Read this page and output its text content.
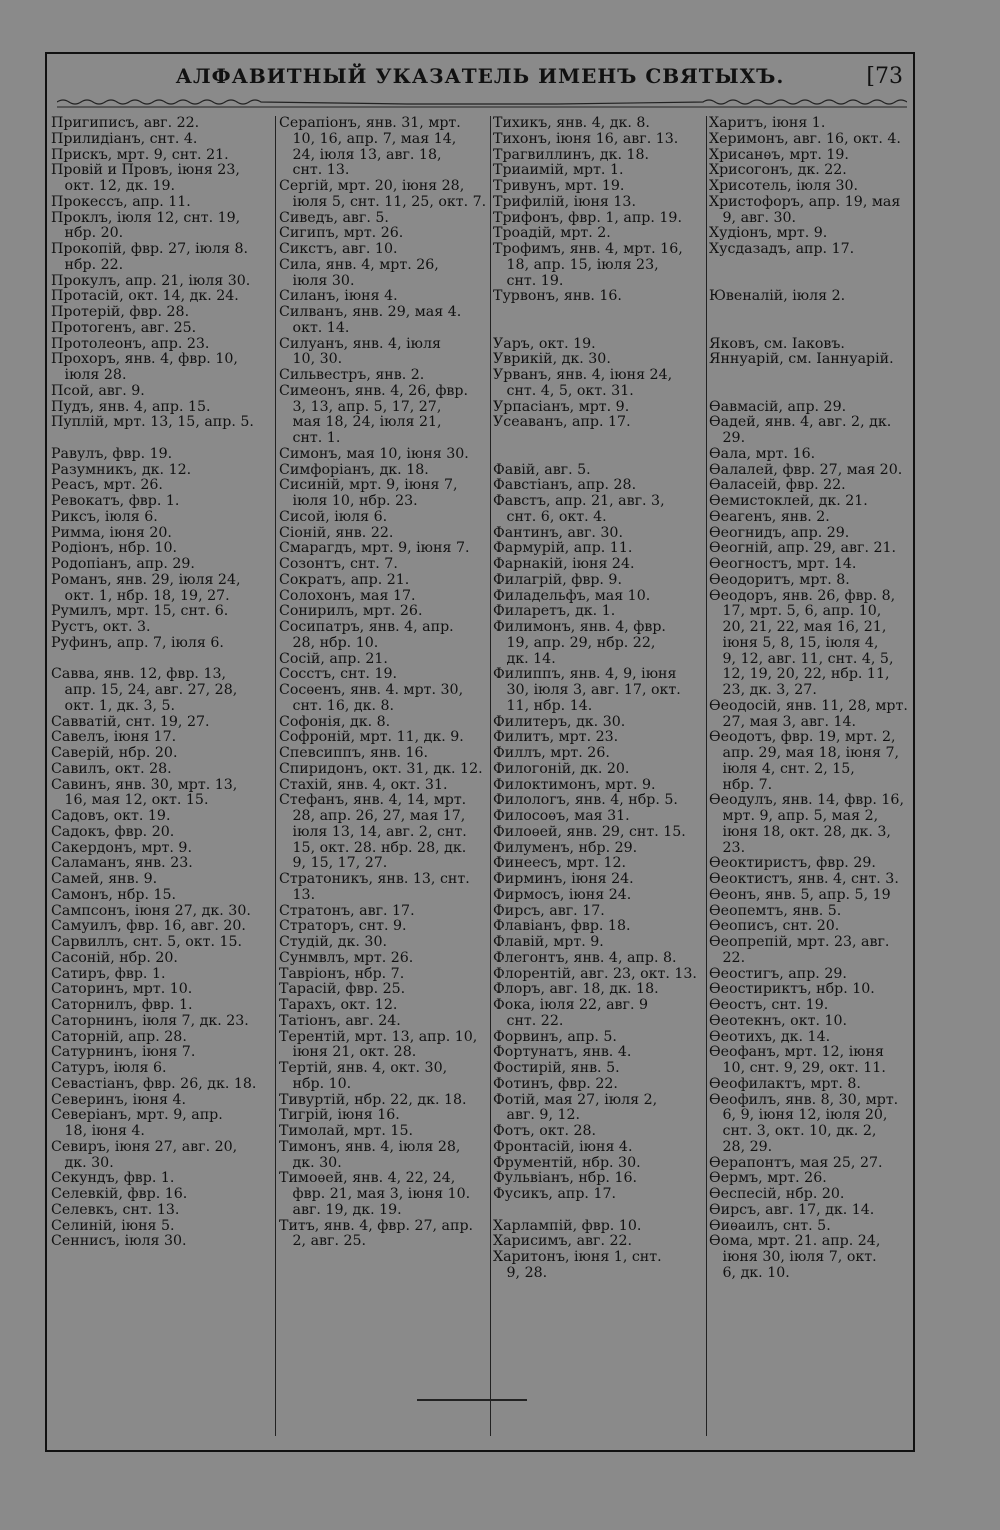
АЛФАВИТНЫЙ УКАЗАТЕЛЬ ИМЕНЪ СВЯТЫХЪ.	[73
Пригиписъ, авг. 22.
Прилидіанъ, снт. 4.
Прискъ, мрт. 9, снт. 21.
Провій и Провъ, іюня 23,
окт. 12, дк. 19.
Прокессъ, апр. 11.
Проклъ, іюля 12, снт. 19,
нбр. 20.
Прокопій, фвр. 27, іюля 8.
нбр. 22.
Прокулъ, апр. 21, іюля 30.
Протасій, окт. 14, дк. 24.
Протерій, фвр. 28.
Протогенъ, авг. 25.
Протолеонъ, апр. 23.
Прохоръ, янв. 4, фвр. 10,
іюля 28.
Псой, авг. 9.
Пудъ, янв. 4, апр. 15.
Пуплій, мрт. 13, 15, апр. 5.

Равулъ, фвр. 19.
Разумникъ, дк. 12.
Реасъ, мрт. 26.
Ревокатъ, фвр. 1.
Риксъ, іюля 6.
Римма, іюня 20.
Родіонъ, нбр. 10.
Родопіанъ, апр. 29.
Романъ, янв. 29, іюля 24,
окт. 1, нбр. 18, 19, 27.
Румилъ, мрт. 15, снт. 6.
Рустъ, окт. 3.
Руфинъ, апр. 7, іюля 6.

Савва, янв. 12, фвр. 13,
апр. 15, 24, авг. 27, 28,
окт. 1, дк. 3, 5.
Савватій, снт. 19, 27.
Савелъ, іюня 17.
Саверій, нбр. 20.
Савилъ, окт. 28.
Савинъ, янв. 30, мрт. 13,
16, мая 12, окт. 15.
Садовъ, окт. 19.
Садокъ, фвр. 20.
Сакердонъ, мрт. 9.
Саламанъ, янв. 23.
Самей, янв. 9.
Самонъ, нбр. 15.
Сампсонъ, іюня 27, дк. 30.
Самуилъ, фвр. 16, авг. 20.
Сарвиллъ, снт. 5, окт. 15.
Сасоній, нбр. 20.
Сатиръ, фвр. 1.
Саторинъ, мрт. 10.
Саторнилъ, фвр. 1.
Саторнинъ, іюля 7, дк. 23.
Саторній, апр. 28.
Сатурнинъ, іюня 7.
Сатуръ, іюля 6.
Севастіанъ, фвр. 26, дк. 18.
Северинъ, іюня 4.
Северіанъ, мрт. 9, апр.
18, іюня 4.
Севиръ, іюня 27, авг. 20,
дк. 30.
Секундъ, фвр. 1.
Селевкій, фвр. 16.
Селевкъ, снт. 13.
Селиній, іюня 5.
Сеннисъ, іюля 30.
Серапіонъ, янв. 31, мрт.
10, 16, апр. 7, мая 14,
24, іюля 13, авг. 18,
снт. 13.
Сергій, мрт. 20, іюня 28,
іюля 5, снт. 11, 25, окт. 7.
Сиведъ, авг. 5.
Сигипъ, мрт. 26.
Сикстъ, авг. 10.
Сила, янв. 4, мрт. 26,
іюля 30.
Силанъ, іюня 4.
Силванъ, янв. 29, мая 4.
окт. 14.
Силуанъ, янв. 4, іюля
10, 30.
Сильвестръ, янв. 2.
Симеонъ, янв. 4, 26, фвр.
3, 13, апр. 5, 17, 27,
мая 18, 24, іюля 21,
снт. 1.
Симонъ, мая 10, іюня 30.
Симфоріанъ, дк. 18.
Сисиній, мрт. 9, іюня 7,
іюля 10, нбр. 23.
Сисой, іюля 6.
Сіоній, янв. 22.
Смарагдъ, мрт. 9, іюня 7.
Созонтъ, снт. 7.
Сократъ, апр. 21.
Солохонъ, мая 17.
Сонирилъ, мрт. 26.
Сосипатръ, янв. 4, апр.
28, нбр. 10.
Сосій, апр. 21.
Сосстъ, снт. 19.
Сосѳенъ, янв. 4. мрт. 30,
снт. 16, дк. 8.
Софонія, дк. 8.
Софроній, мрт. 11, дк. 9.
Спевсиппъ, янв. 16.
Спиридонъ, окт. 31, дк. 12.
Стахій, янв. 4, окт. 31.
Стефанъ, янв. 4, 14, мрт.
28, апр. 26, 27, мая 17,
іюля 13, 14, авг. 2, снт.
15, окт. 28. нбр. 28, дк.
9, 15, 17, 27.
Стратоникъ, янв. 13, снт.
13.
Стратонъ, авг. 17.
Страторъ, снт. 9.
Студій, дк. 30.
Сунмвлъ, мрт. 26.
Тавріонъ, нбр. 7.
Тарасій, фвр. 25.
Тарахъ, окт. 12.
Татіонъ, авг. 24.
Терентій, мрт. 13, апр. 10,
іюня 21, окт. 28.
Тертій, янв. 4, окт. 30,
нбр. 10.
Тивуртій, нбр. 22, дк. 18.
Тигрій, іюня 16.
Тимолай, мрт. 15.
Тимонъ, янв. 4, іюля 28,
дк. 30.
Тимоѳей, янв. 4, 22, 24,
фвр. 21, мая 3, іюня 10.
авг. 19, дк. 19.
Титъ, янв. 4, фвр. 27, апр.
2, авг. 25.
Тихикъ, янв. 4, дк. 8.
Тихонъ, іюня 16, авг. 13.
Трагвиллинъ, дк. 18.
Триаимій, мрт. 1.
Тривунъ, мрт. 19.
Трифилій, іюня 13.
Трифонъ, фвр. 1, апр. 19.
Троадій, мрт. 2.
Трофимъ, янв. 4, мрт. 16,
18, апр. 15, іюля 23,
снт. 19.
Турвонъ, янв. 16.

Уаръ, окт. 19.
Уврикій, дк. 30.
Урванъ, янв. 4, іюня 24,
снт. 4, 5, окт. 31.
Урпасіанъ, мрт. 9.
Усеаванъ, апр. 17.

Фавій, авг. 5.
Фавстіанъ, апр. 28.
Фавстъ, апр. 21, авг. 3,
снт. 6, окт. 4.
Фантинъ, авг. 30.
Фармурій, апр. 11.
Фарнакій, іюня 24.
Филагрій, фвр. 9.
Филадельфъ, мая 10.
Филаретъ, дк. 1.
Филимонъ, янв. 4, фвр.
19, апр. 29, нбр. 22,
дк. 14.
Филиппъ, янв. 4, 9, іюня
30, іюля 3, авг. 17, окт.
11, нбр. 14.
Филитеръ, дк. 30.
Филитъ, мрт. 23.
Филлъ, мрт. 26.
Филогоній, дк. 20.
Филоктимонъ, мрт. 9.
Филологъ, янв. 4, нбр. 5.
Филосоѳъ, мая 31.
Филоѳей, янв. 29, снт. 15.
Филуменъ, нбр. 29.
Финеесъ, мрт. 12.
Фирминъ, іюня 24.
Фирмосъ, іюня 24.
Фирсъ, авг. 17.
Флавіанъ, фвр. 18.
Флавій, мрт. 9.
Флегонтъ, янв. 4, апр. 8.
Флорентій, авг. 23, окт. 13.
Флоръ, авг. 18, дк. 18.
Фока, іюля 22, авг. 9
снт. 22.
Форвинъ, апр. 5.
Фортунатъ, янв. 4.
Фостирій, янв. 5.
Фотинъ, фвр. 22.
Фотій, мая 27, іюля 2,
авг. 9, 12.
Фотъ, окт. 28.
Фронтасій, іюня 4.
Фрументій, нбр. 30.
Фульвіанъ, нбр. 16.
Фусикъ, апр. 17.

Харлампій, фвр. 10.
Харисимъ, авг. 22.
Харитонъ, іюня 1, снт.
9, 28.
Харитъ, іюня 1.
Херимонъ, авг. 16, окт. 4.
Хрисанѳъ, мрт. 19.
Хрисогонъ, дк. 22.
Хрисотель, іюля 30.
Христофоръ, апр. 19, мая
9, авг. 30.
Худіонъ, мрт. 9.
Хусдазадъ, апр. 17.

Ювеналій, іюля 2.

Яковъ, см. Іаковъ.
Яннуарій, см. Іаннуарій.

Ѳавмасій, апр. 29.
Ѳадей, янв. 4, авг. 2, дк.
29.
Ѳала, мрт. 16.
Ѳалалей, фвр. 27, мая 20.
Ѳаласеій, фвр. 22.
Ѳемистоклей, дк. 21.
Ѳеагенъ, янв. 2.
Ѳеогнидъ, апр. 29.
Ѳеогній, апр. 29, авг. 21.
Ѳеогностъ, мрт. 14.
Ѳеодоритъ, мрт. 8.
Ѳеодоръ, янв. 26, фвр. 8,
17, мрт. 5, 6, апр. 10,
20, 21, 22, мая 16, 21,
іюня 5, 8, 15, іюля 4,
9, 12, авг. 11, снт. 4, 5,
12, 19, 20, 22, нбр. 11,
23, дк. 3, 27.
Ѳеодосій, янв. 11, 28, мрт.
27, мая 3, авг. 14.
Ѳеодотъ, фвр. 19, мрт. 2,
апр. 29, мая 18, іюня 7,
іюля 4, снт. 2, 15,
нбр. 7.
Ѳеодулъ, янв. 14, фвр. 16,
мрт. 9, апр. 5, мая 2,
іюня 18, окт. 28, дк. 3,
23.
Ѳеоктиристъ, фвр. 29.
Ѳеоктистъ, янв. 4, снт. 3.
Ѳеонъ, янв. 5, апр. 5, 19
Ѳеопемтъ, янв. 5.
Ѳеописъ, снт. 20.
Ѳеопрепій, мрт. 23, авг.
22.
Ѳеостигъ, апр. 29.
Ѳеостириктъ, нбр. 10.
Ѳеостъ, снт. 19.
Ѳеотекнъ, окт. 10.
Ѳеотихъ, дк. 14.
Ѳеофанъ, мрт. 12, іюня
10, снт. 9, 29, окт. 11.
Ѳеофилактъ, мрт. 8.
Ѳеофилъ, янв. 8, 30, мрт.
6, 9, іюня 12, іюля 20,
снт. 3, окт. 10, дк. 2,
28, 29.
Ѳерапонтъ, мая 25, 27.
Ѳермъ, мрт. 26.
Ѳеспесій, нбр. 20.
Ѳирсъ, авг. 17, дк. 14.
Ѳиѳаилъ, снт. 5.
Ѳома, мрт. 21. апр. 24,
іюня 30, іюля 7, окт.
6, дк. 10.
